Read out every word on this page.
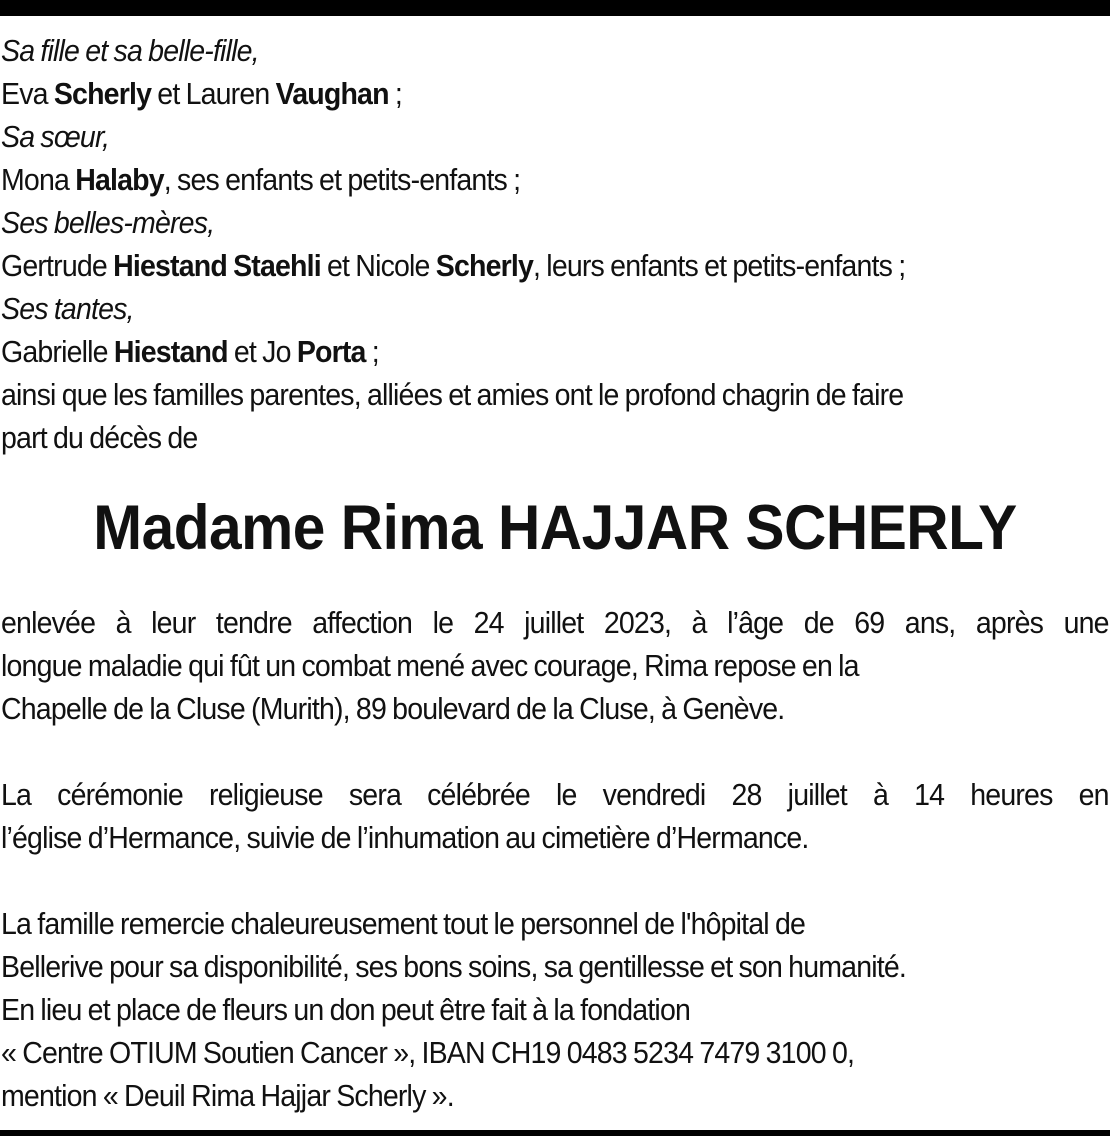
Sa fille et sa belle-fille,
Eva Scherly et Lauren Vaughan ;
Sa sœur,
Mona Halaby, ses enfants et petits-enfants ;
Ses belles-mères,
Gertrude Hiestand Staehli et Nicole Scherly, leurs enfants et petits-enfants ;
Ses tantes,
Gabrielle Hiestand et Jo Porta ;
ainsi que les familles parentes, alliées et amies ont le profond chagrin de faire
part du décès de
Madame Rima HAJJAR SCHERLY
enlevée à leur tendre affection le 24 juillet 2023, à l’âge de 69 ans, après une
longue maladie qui fût un combat mené avec courage, Rima repose en la
Chapelle de la Cluse (Murith), 89 boulevard de la Cluse, à Genève.
La cérémonie religieuse sera célébrée le vendredi 28 juillet à 14 heures en
l’église d’Hermance, suivie de l’inhumation au cimetière d’Hermance.
La famille remercie chaleureusement tout le personnel de l'hôpital de
Bellerive pour sa disponibilité, ses bons soins, sa gentillesse et son humanité.
En lieu et place de fleurs un don peut être fait à la fondation
« Centre OTIUM Soutien Cancer », IBAN CH19 0483 5234 7479 3100 0,
mention « Deuil Rima Hajjar Scherly ».
